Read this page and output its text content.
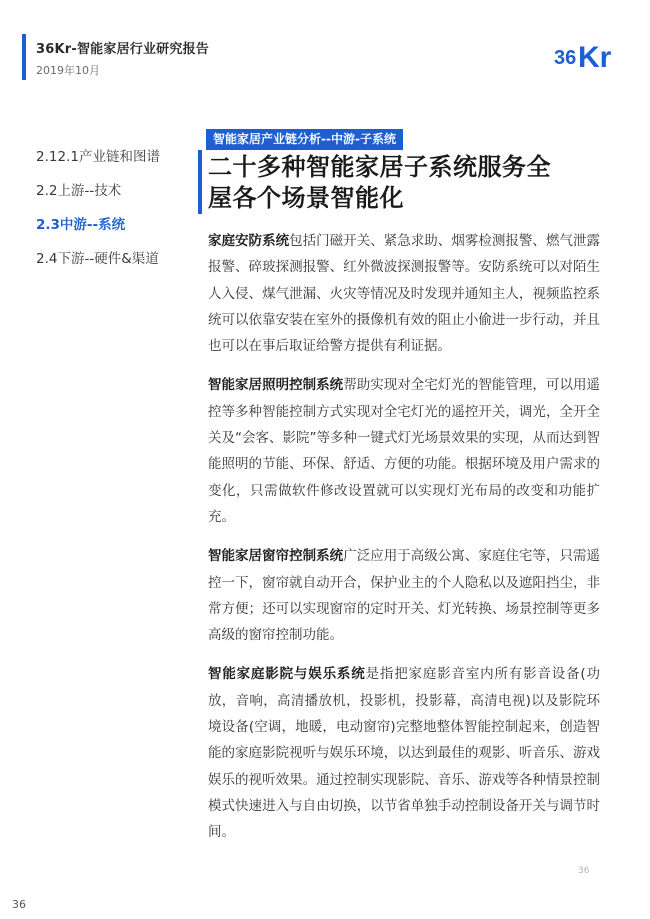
36Kr-智能家居行业研究报告
2019年10月
36 Kr
2.12.1产业链和图谱
2.2上游--技术
2.3中游--系统
2.4下游--硬件&渠道
智能家居产业链分析--中游-子系统
二十多种智能家居子系统服务全
屋各个场景智能化

家庭安防系统包括门磁开关、紧急求助、烟雾检测报警、燃气泄露报警、碎玻探测报警、红外微波探测报警等。安防系统可以对陌生人入侵、煤气泄漏、火灾等情况及时发现并通知主人，视频监控系统可以依靠安装在室外的摄像机有效的阻止小偷进一步行动，并且也可以在事后取证给警方提供有利证据。

智能家居照明控制系统帮助实现对全宅灯光的智能管理，可以用遥控等多种智能控制方式实现对全宅灯光的遥控开关，调光，全开全关及“会客、影院”等多种一键式灯光场景效果的实现，从而达到智能照明的节能、环保、舒适、方便的功能。根据环境及用户需求的变化，只需做软件修改设置就可以实现灯光布局的改变和功能扩充。

智能家居窗帘控制系统广泛应用于高级公寓、家庭住宅等，只需遥控一下，窗帘就自动开合，保护业主的个人隐私以及遮阳挡尘，非常方便；还可以实现窗帘的定时开关、灯光转换、场景控制等更多高级的窗帘控制功能。

智能家庭影院与娱乐系统是指把家庭影音室内所有影音设备(功放，音响，高清播放机，投影机，投影幕，高清电视)以及影院环境设备(空调，地暖，电动窗帘)完整地整体智能控制起来，创造智能的家庭影院视听与娱乐环境，以达到最佳的观影、听音乐、游戏娱乐的视听效果。通过控制实现影院、音乐、游戏等各种情景控制模式快速进入与自由切换，以节省单独手动控制设备开关与调节时间。

36
36
